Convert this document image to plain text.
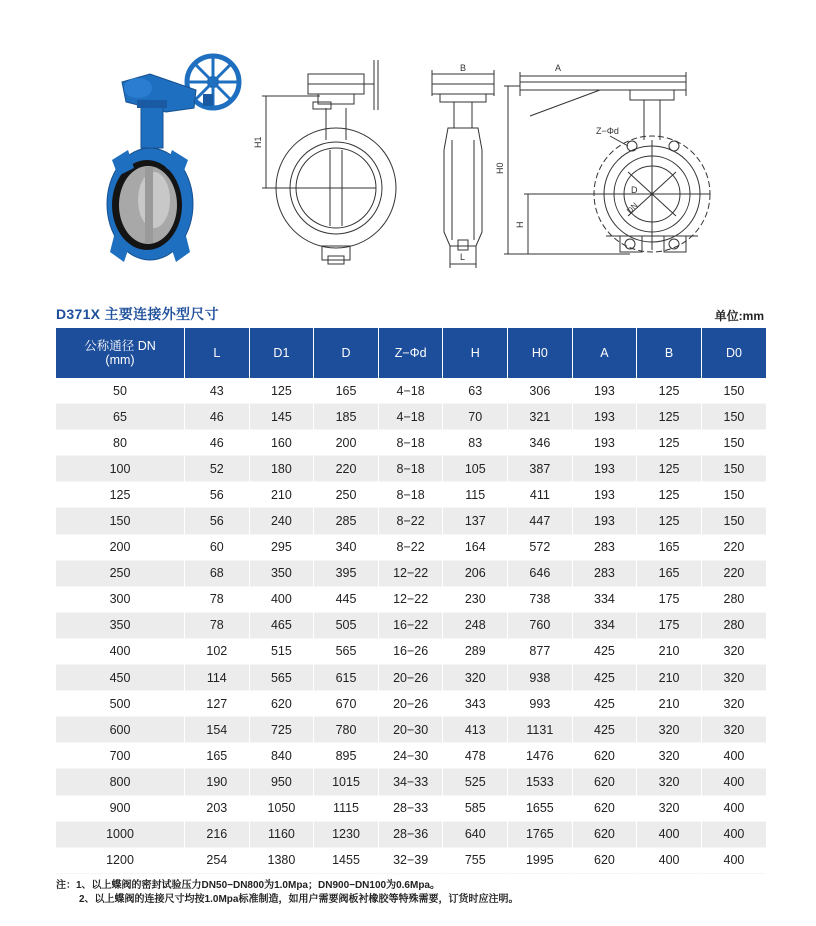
H1
B
L
A
H0
H
Z−Φd
D
DN
D371X 主要连接外型尺寸	单位:mm
公称通径 DN
(mm)	L	D1	D	Z−Φd	H	H0	A	B	D0
50	43	125	165	4−18	63	306	193	125	150
65	46	145	185	4−18	70	321	193	125	150
80	46	160	200	8−18	83	346	193	125	150
100	52	180	220	8−18	105	387	193	125	150
125	56	210	250	8−18	115	411	193	125	150
150	56	240	285	8−22	137	447	193	125	150
200	60	295	340	8−22	164	572	283	165	220
250	68	350	395	12−22	206	646	283	165	220
300	78	400	445	12−22	230	738	334	175	280
350	78	465	505	16−22	248	760	334	175	280
400	102	515	565	16−26	289	877	425	210	320
450	114	565	615	20−26	320	938	425	210	320
500	127	620	670	20−26	343	993	425	210	320
600	154	725	780	20−30	413	1131	425	320	320
700	165	840	895	24−30	478	1476	620	320	400
800	190	950	1015	34−33	525	1533	620	320	400
900	203	1050	1115	28−33	585	1655	620	320	400
1000	216	1160	1230	28−36	640	1765	620	400	400
1200	254	1380	1455	32−39	755	1995	620	400	400
注：1、以上蝶阀的密封试验压力DN50−DN800为1.0Mpa；DN900−DN100为0.6Mpa。
2、以上蝶阀的连接尺寸均按1.0Mpa标准制造，如用户需要阀板衬橡胶等特殊需要，订货时应注明。
